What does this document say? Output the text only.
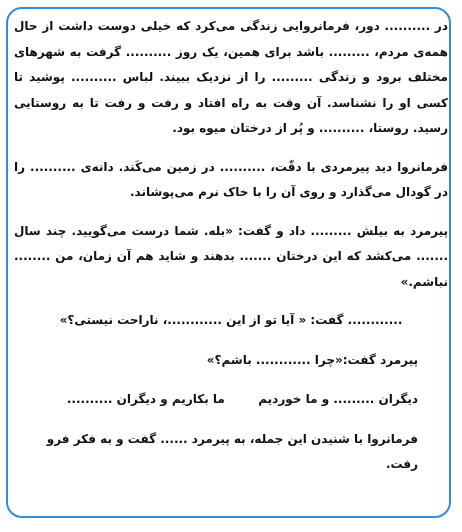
در .......... دور، فرمانروایی زندگی می‌کرد که خیلی دوست داشت از حال همه‌ی مردم، ......... باشد برای همین، یک روز .......... گرفت به شهرهای مختلف برود و زندگی ......... را از نزدیک ببیند. لباس .......... پوشید تا کسی او را نشناسد. آن وقت به راه افتاد و رفت و رفت تا به روستایی رسید. روستا، .......... و پُر از درختان میوه بود.

فرمانروا دید پیرمردی با دقّت، .......... در زمین می‌کَند. دانه‌ی .......... را در گودال می‌گذارد و روی آن را با خاک نرم می‌پوشاند.

پیرمرد به بیلش ......... داد و گفت: «بله. شما درست می‌گویید. چند سال ....... می‌کشد که این درختان ....... بدهند و شاید هم آن زمان، من ........ نباشم.»

............ گفت: « آیا تو از این ............، ناراحت نیستی؟»

پیرمرد گفت:«چرا ............ باشم؟»

دیگران ......... و ما خوردیم        ما بکاریم و دیگران ..........

فرمانروا با شنیدن این جمله، به پیرمرد ...... گفت و به فکر فرو رفت.
